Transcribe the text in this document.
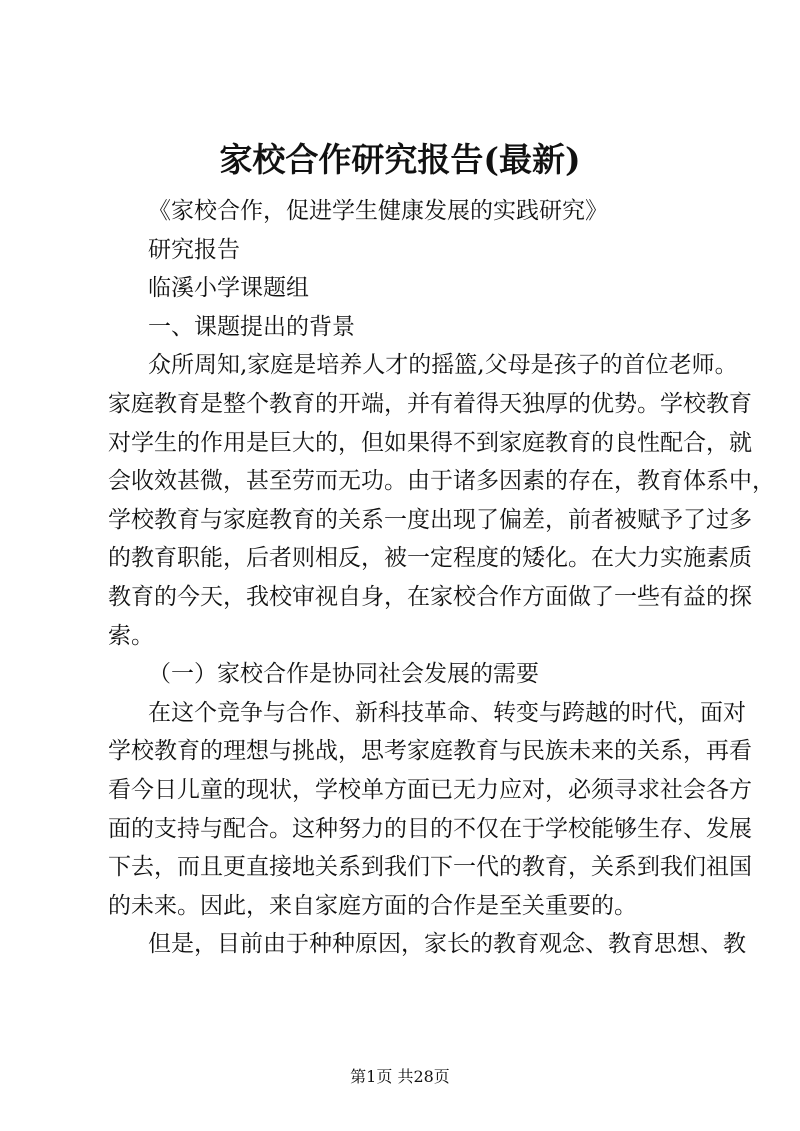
家校合作研究报告(最新)
《家校合作，促进学生健康发展的实践研究》
研究报告
临溪小学课题组
一、课题提出的背景
众所周知,家庭是培养人才的摇篮,父母是孩子的首位老师。
家庭教育是整个教育的开端，并有着得天独厚的优势。学校教育
对学生的作用是巨大的，但如果得不到家庭教育的良性配合，就
会收效甚微，甚至劳而无功。由于诸多因素的存在，教育体系中，
学校教育与家庭教育的关系一度出现了偏差，前者被赋予了过多
的教育职能，后者则相反，被一定程度的矮化。在大力实施素质
教育的今天，我校审视自身，在家校合作方面做了一些有益的探
索。
（一）家校合作是协同社会发展的需要
在这个竞争与合作、新科技革命、转变与跨越的时代，面对
学校教育的理想与挑战，思考家庭教育与民族未来的关系，再看
看今日儿童的现状，学校单方面已无力应对，必须寻求社会各方
面的支持与配合。这种努力的目的不仅在于学校能够生存、发展
下去，而且更直接地关系到我们下一代的教育，关系到我们祖国
的未来。因此，来自家庭方面的合作是至关重要的。
但是，目前由于种种原因，家长的教育观念、教育思想、教
第1页 共28页
